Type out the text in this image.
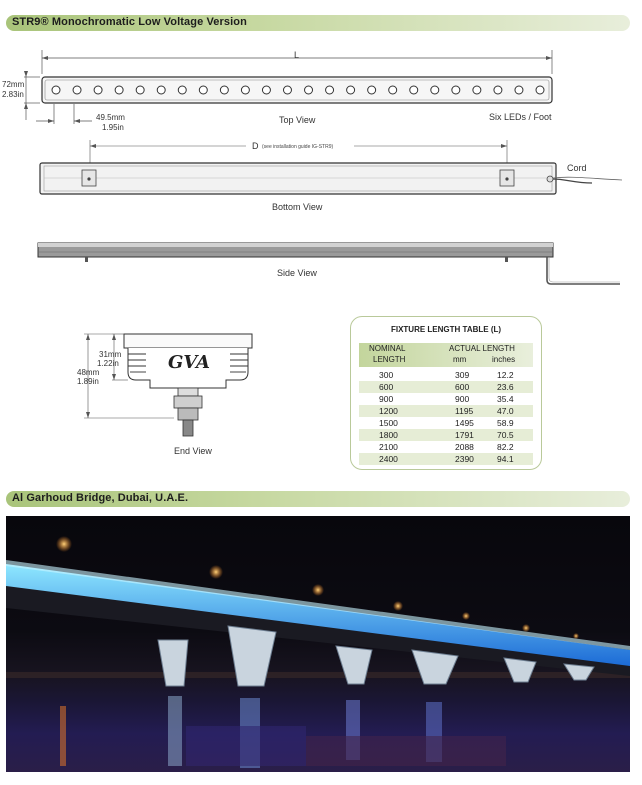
STR9® Monochromatic Low Voltage Version
L
72mm
2.83in
49.5mm
1.95in
Top View	Six LEDs / Foot
D (see installation guide IG-STR9)
Cord
Bottom View
Side View
31mm
1.22in
48mm
1.89in
GVA
End View
FIXTURE LENGTH TABLE (L)
NOMINAL
LENGTH
ACTUAL LENGTH
mm	inches
300	309	12.2
600	600	23.6
900	900	35.4
1200	1195	47.0
1500	1495	58.9
1800	1791	70.5
2100	2088	82.2
2400	2390	94.1
Al Garhoud Bridge, Dubai, U.A.E.
